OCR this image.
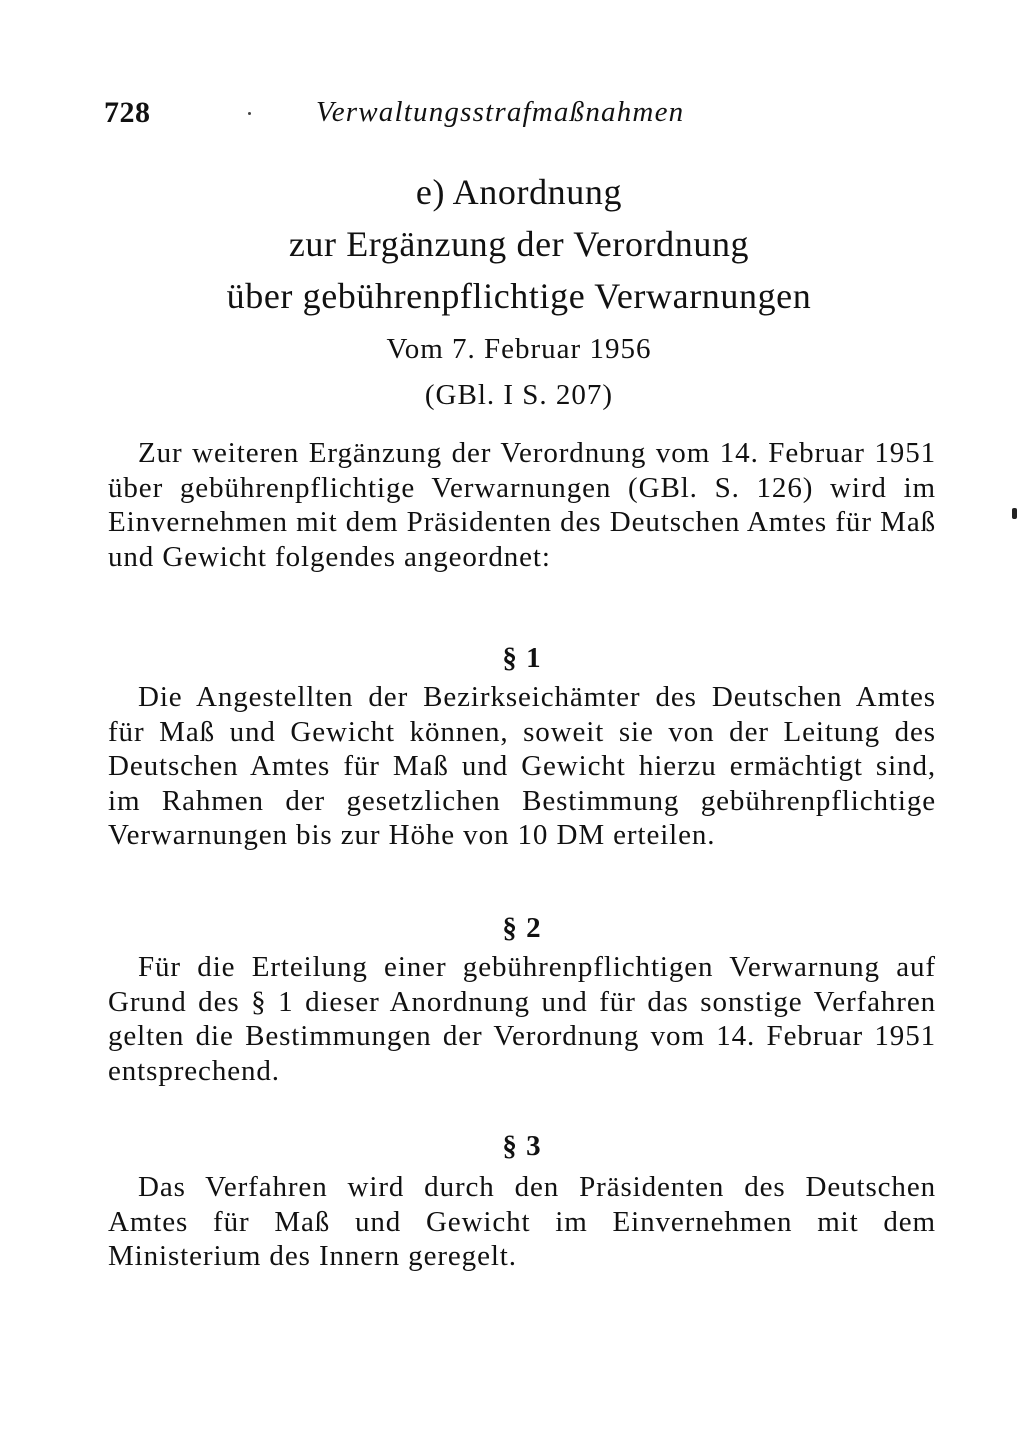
728	Verwaltungsstrafmaßnahmen
e) Anordnung
zur Ergänzung der Verordnung
über gebührenpflichtige Verwarnungen
Vom 7. Februar 1956
(GBl. I S. 207)

Zur weiteren Ergänzung der Verordnung vom 14. Februar 1951 über gebührenpflichtige Verwarnungen (GBl. S. 126) wird im Einvernehmen mit dem Präsidenten des Deutschen Amtes für Maß und Gewicht folgendes angeordnet:

§ 1

Die Angestellten der Bezirkseichämter des Deutschen Amtes für Maß und Gewicht können, soweit sie von der Leitung des Deutschen Amtes für Maß und Gewicht hierzu ermächtigt sind, im Rahmen der gesetzlichen Bestimmung gebührenpflichtige Verwarnungen bis zur Höhe von 10 DM erteilen.

§ 2

Für die Erteilung einer gebührenpflichtigen Verwarnung auf Grund des § 1 dieser Anordnung und für das sonstige Verfahren gelten die Bestimmungen der Verordnung vom 14. Februar 1951 entsprechend.

§ 3

Das Verfahren wird durch den Präsidenten des Deutschen Amtes für Maß und Gewicht im Einvernehmen mit dem Ministerium des Innern geregelt.
